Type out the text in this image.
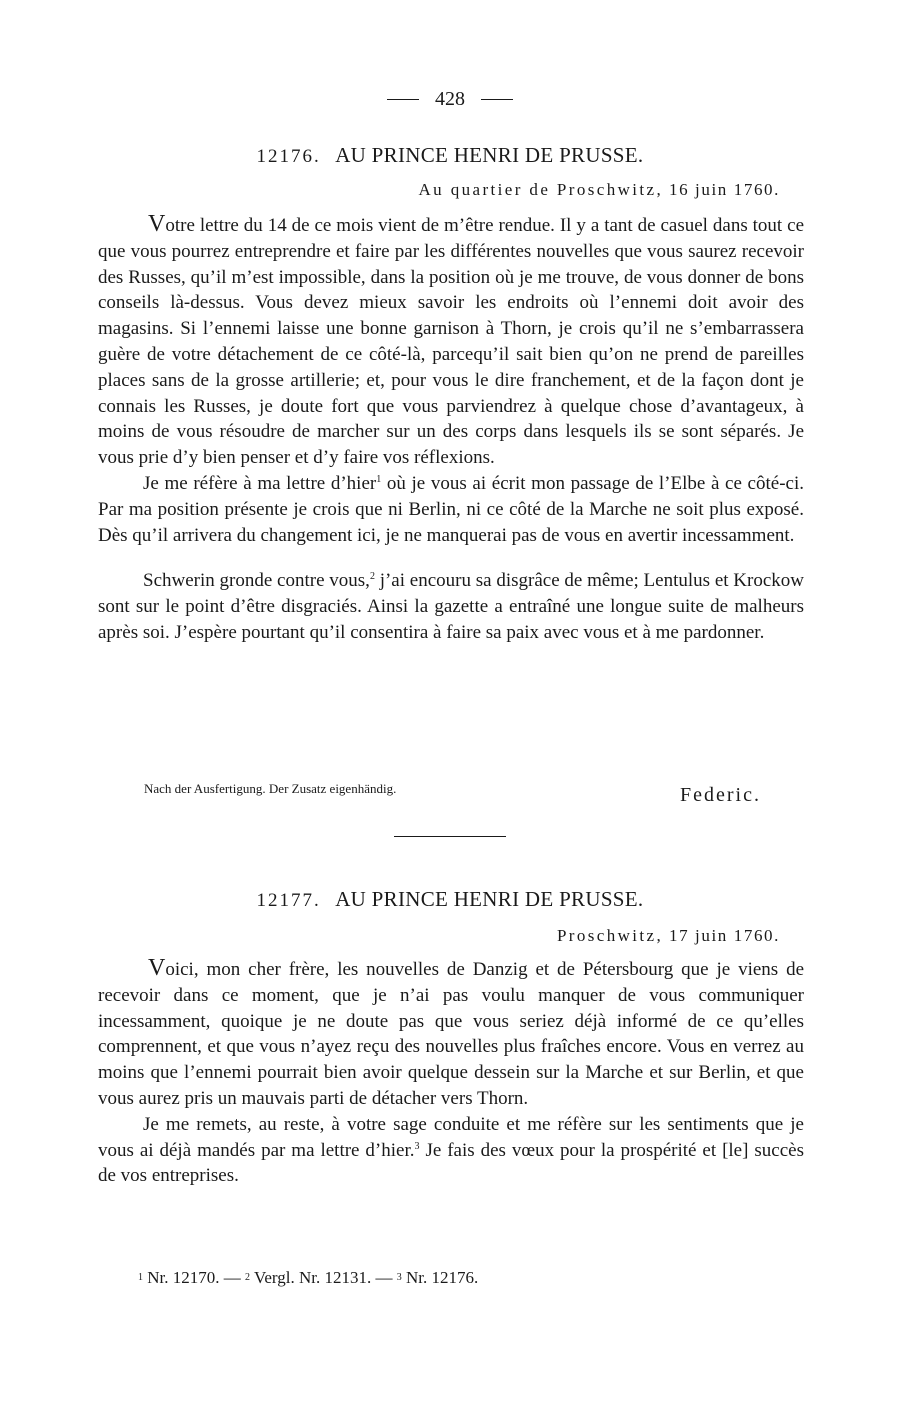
428
12176. AU PRINCE HENRI DE PRUSSE.
Au quartier de Proschwitz, 16 juin 1760.

Votre lettre du 14 de ce mois vient de m’être rendue. Il y a tant de casuel dans tout ce que vous pourrez entreprendre et faire par les différentes nouvelles que vous saurez recevoir des Russes, qu’il m’est impossible, dans la position où je me trouve, de vous donner de bons conseils là-dessus. Vous devez mieux savoir les endroits où l’ennemi doit avoir des magasins. Si l’ennemi laisse une bonne garnison à Thorn, je crois qu’il ne s’embarrassera guère de votre détachement de ce côté-là, parcequ’il sait bien qu’on ne prend de pareilles places sans de la grosse artillerie; et, pour vous le dire franchement, et de la façon dont je connais les Russes, je doute fort que vous parviendrez à quelque chose d’avantageux, à moins de vous résoudre de marcher sur un des corps dans lesquels ils se sont séparés. Je vous prie d’y bien penser et d’y faire vos réflexions.

Je me réfère à ma lettre d’hier$^1$ où je vous ai écrit mon passage de l’Elbe à ce côté-ci. Par ma position présente je crois que ni Berlin, ni ce côté de la Marche ne soit plus exposé. Dès qu’il arrivera du changement ici, je ne manquerai pas de vous en avertir incessamment.

Schwerin gronde contre vous,$^2$ j’ai encouru sa disgrâce de même; Lentulus et Krockow sont sur le point d’être disgraciés. Ainsi la gazette a entraîné une longue suite de malheurs après soi. J’espère pourtant qu’il consentira à faire sa paix avec vous et à me pardonner.

Nach der Ausfertigung. Der Zusatz eigenhändig.	Federic.
12177. AU PRINCE HENRI DE PRUSSE.
Proschwitz, 17 juin 1760.

Voici, mon cher frère, les nouvelles de Danzig et de Pétersbourg que je viens de recevoir dans ce moment, que je n’ai pas voulu manquer de vous communiquer incessamment, quoique je ne doute pas que vous seriez déjà informé de ce qu’elles comprennent, et que vous n’ayez reçu des nouvelles plus fraîches encore. Vous en verrez au moins que l’ennemi pourrait bien avoir quelque dessein sur la Marche et sur Berlin, et que vous aurez pris un mauvais parti de détacher vers Thorn.

Je me remets, au reste, à votre sage conduite et me réfère sur les sentiments que je vous ai déjà mandés par ma lettre d’hier.$^3$ Je fais des vœux pour la prospérité et [le] succès de vos entreprises.

$^1$ Nr. 12170. — $^2$ Vergl. Nr. 12131. — $^3$ Nr. 12176.
